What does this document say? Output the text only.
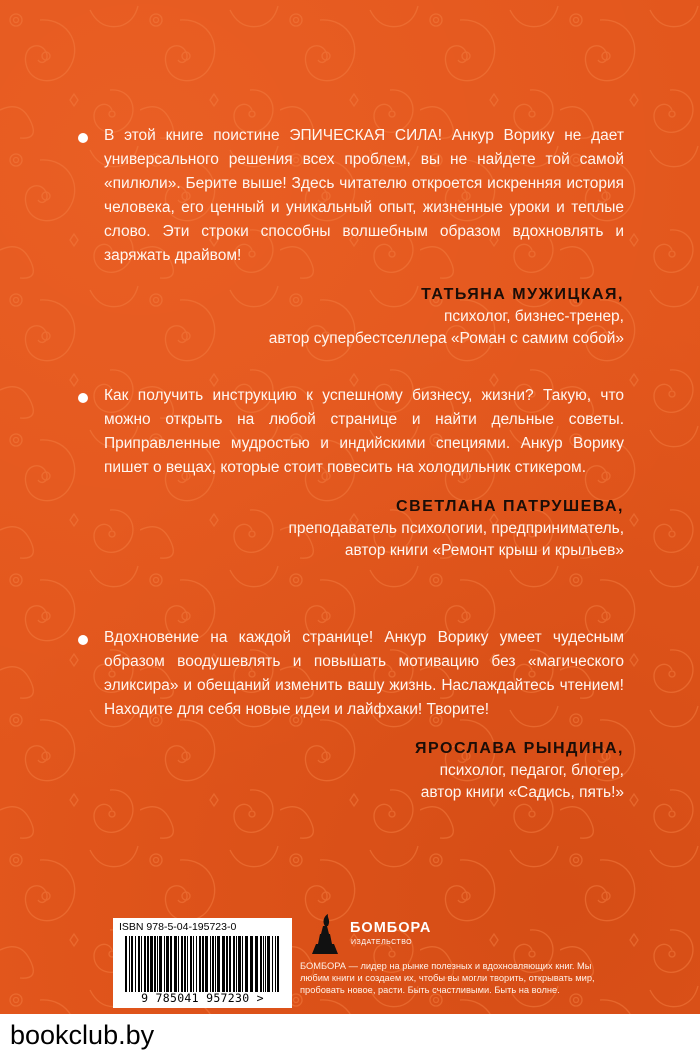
В этой книге поистине ЭПИЧЕСКАЯ СИЛА! Анкур Ворику не дает универсального решения всех проблем, вы не найдете той самой «пилюли». Берите выше! Здесь читателю откроется искренняя история человека, его ценный и уникальный опыт, жизненные уроки и теплые слово. Эти строки способны волшебным образом вдохновлять и заряжать драйвом!

ТАТЬЯНА МУЖИЦКАЯ,
психолог, бизнес-тренер,
автор супербестселлера «Роман с самим собой»

Как получить инструкцию к успешному бизнесу, жизни? Такую, что можно открыть на любой странице и найти дельные советы. Приправленные мудростью и индийскими специями. Анкур Ворику пишет о вещах, которые стоит повесить на холодильник стикером.

СВЕТЛАНА ПАТРУШЕВА,
преподаватель психологии, предприниматель,
автор книги «Ремонт крыш и крыльев»

Вдохновение на каждой странице! Анкур Ворику умеет чудесным образом воодушевлять и повышать мотивацию без «магического эликсира» и обещаний изменить вашу жизнь. Наслаждайтесь чтением! Находите для себя новые идеи и лайфхаки! Творите!

ЯРОСЛАВА РЫНДИНА,
психолог, педагог, блогер,
автор книги «Садись, пять!»
ISBN 978-5-04-195723-0
9 785041 957230 >
БОМБОРА
ИЗДАТЕЛЬСТВО
БОМБОРА — лидер на рынке полезных и вдохновляющих книг. Мы любим книги и создаем их, чтобы вы могли творить, открывать мир, пробовать новое, расти. Быть счастливыми. Быть на волне.
bookclub.by
